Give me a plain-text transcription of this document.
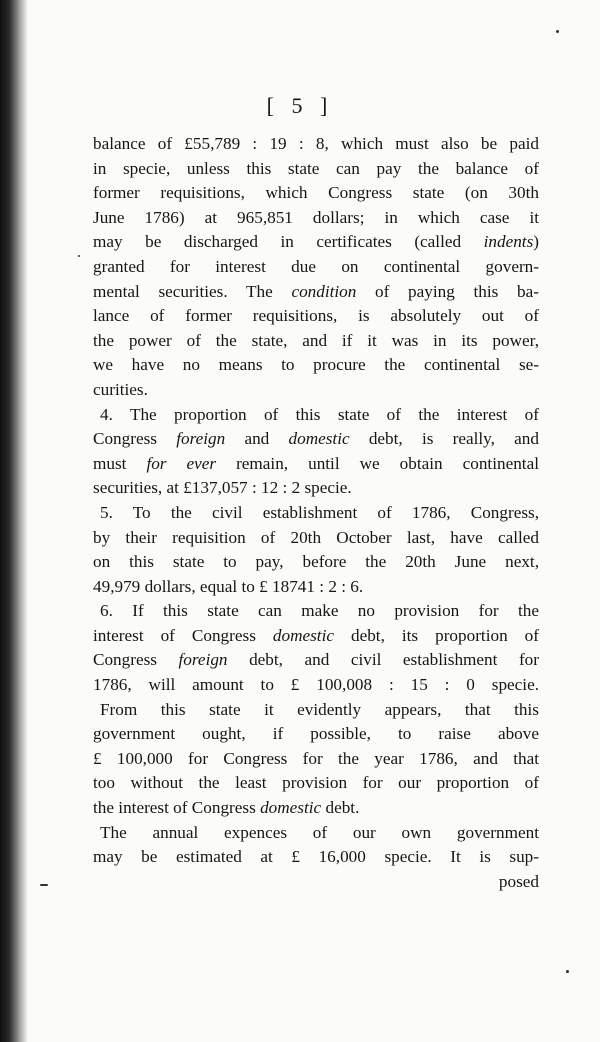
[ 5 ]
balance of £55,789 : 19 : 8, which must also be paid
in specie, unless this state can pay the balance of
former requisitions, which Congress state (on 30th
June 1786) at 965,851 dollars; in which case it
may be discharged in certificates (called indents)
granted for interest due on continental govern-
mental securities. The condition of paying this ba-
lance of former requisitions, is absolutely out of
the power of the state, and if it was in its power,
we have no means to procure the continental se-
curities.
4. The proportion of this state of the interest of
Congress foreign and domestic debt, is really, and
must for ever remain, until we obtain continental
securities, at £137,057 : 12 : 2 specie.
5. To the civil establishment of 1786, Congress,
by their requisition of 20th October last, have called
on this state to pay, before the 20th June next,
49,979 dollars, equal to £ 18741 : 2 : 6.
6. If this state can make no provision for the
interest of Congress domestic debt, its proportion of
Congress foreign debt, and civil establishment for
1786, will amount to £ 100,008 : 15 : 0 specie.
From this state it evidently appears, that this
government ought, if possible, to raise above
£ 100,000 for Congress for the year 1786, and that
too without the least provision for our proportion of
the interest of Congress domestic debt.
The annual expences of our own government
may be estimated at £ 16,000 specie. It is sup-
posed
